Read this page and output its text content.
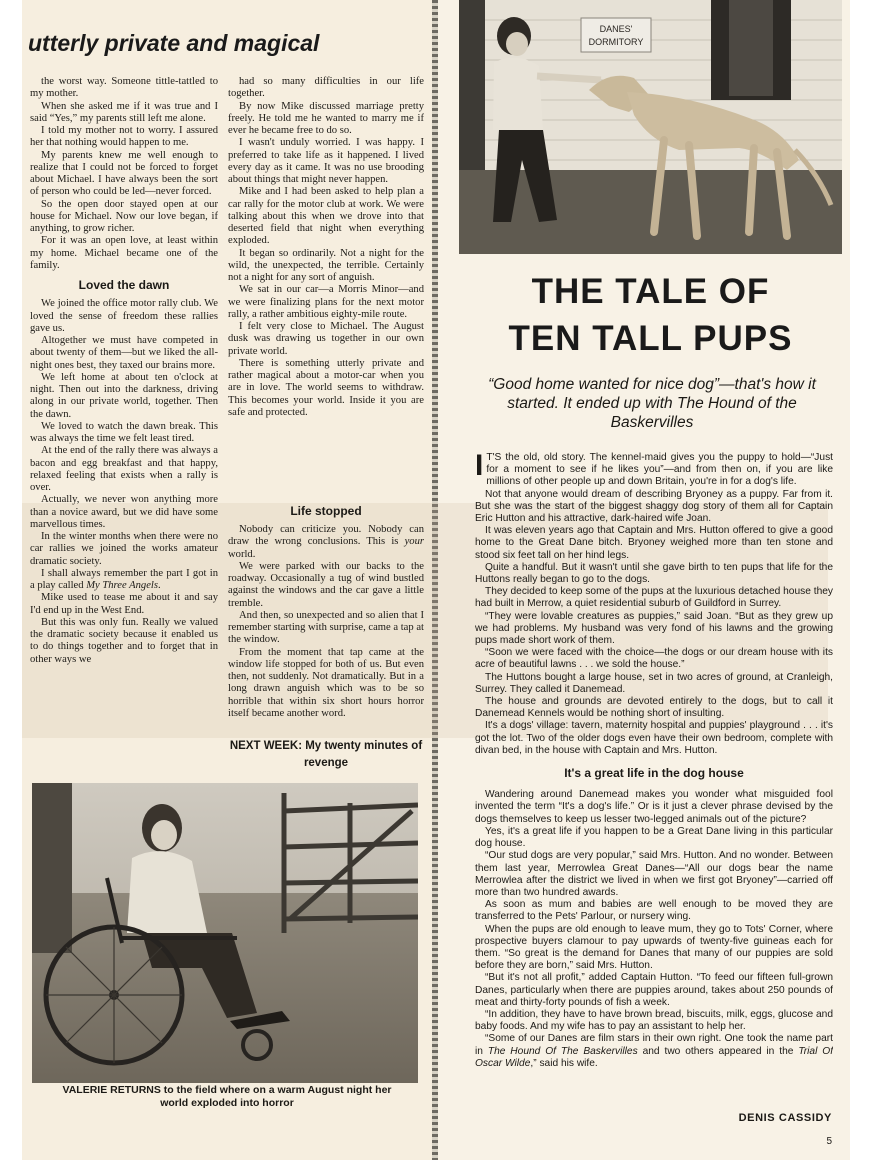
utterly private and magical

the worst way. Someone tittle-tattled to my mother.

When she asked me if it was true and I said “Yes,” my parents still left me alone.

I told my mother not to worry. I assured her that nothing would happen to me.

My parents knew me well enough to realize that I could not be forced to forget about Michael. I have always been the sort of person who could be led—never forced.

So the open door stayed open at our house for Michael. Now our love began, if anything, to grow richer.

For it was an open love, at least within my home. Michael became one of the family.

Loved the dawn

We joined the office motor rally club. We loved the sense of freedom these rallies gave us.

Altogether we must have competed in about twenty of them—but we liked the all-night ones best, they taxed our brains more.

We left home at about ten o'clock at night. Then out into the darkness, driving along in our private world, together. Then the dawn.

We loved to watch the dawn break. This was always the time we felt least tired.

At the end of the rally there was always a bacon and egg breakfast and that happy, relaxed feeling that exists when a rally is over.

Actually, we never won anything more than a novice award, but we did have some marvellous times.

In the winter months when there were no car rallies we joined the works amateur dramatic society.

I shall always remember the part I got in a play called My Three Angels.

Mike used to tease me about it and say I'd end up in the West End.

But this was only fun. Really we valued the dramatic society because it enabled us to do things together and to forget that in other ways we

had so many difficulties in our life together.

By now Mike discussed marriage pretty freely. He told me he wanted to marry me if ever he became free to do so.

I wasn't unduly worried. I was happy. I preferred to take life as it happened. I lived every day as it came. It was no use brooding about things that might never happen.

Mike and I had been asked to help plan a car rally for the motor club at work. We were talking about this when we drove into that deserted field that night when everything exploded.

It began so ordinarily. Not a night for the wild, the unexpected, the terrible. Certainly not a night for any sort of anguish.

We sat in our car—a Morris Minor—and we were finalizing plans for the next motor rally, a rather ambitious eighty-mile route.

I felt very close to Michael. The August dusk was drawing us together in our own private world.

There is something utterly private and rather magical about a motor-car when you are in love. The world seems to withdraw. This becomes your world. Inside it you are safe and protected.

Life stopped

Nobody can criticize you. Nobody can draw the wrong conclusions. This is your world.

We were parked with our backs to the roadway. Occasionally a tug of wind bustled against the windows and the car gave a little tremble.

And then, so unexpected and so alien that I remember starting with surprise, came a tap at the window.

From the moment that tap came at the window life stopped for both of us. But even then, not suddenly. Not dramatically. But in a long drawn anguish which was to be so horrible that within six short hours horror itself became another word.

NEXT WEEK: My twenty minutes of revenge
VALERIE RETURNS to the field where on a warm August night her world exploded into horror
DANES'
DORMITORY
THE TALE OF
TEN TALL PUPS
“Good home wanted for nice dog”—that's how it started. It ended up with The Hound of the Baskervilles

I T'S the old, old story. The kennel-maid gives you the puppy to hold—“Just for a moment to see if he likes you”—and from then on, if you are like millions of other people up and down Britain, you're in for a dog's life.

Not that anyone would dream of describing Bryoney as a puppy. Far from it. But she was the start of the biggest shaggy dog story of them all for Captain Eric Hutton and his attractive, dark-haired wife Joan.

It was eleven years ago that Captain and Mrs. Hutton offered to give a good home to the Great Dane bitch. Bryoney weighed more than ten stone and stood six feet tall on her hind legs.

Quite a handful. But it wasn't until she gave birth to ten pups that life for the Huttons really began to go to the dogs.

They decided to keep some of the pups at the luxurious detached house they had built in Merrow, a quiet residential suburb of Guildford in Surrey.

“They were lovable creatures as puppies,” said Joan. “But as they grew up we had problems. My husband was very fond of his lawns and the growing pups made short work of them.

“Soon we were faced with the choice—the dogs or our dream house with its acre of beautiful lawns . . . we sold the house.”

The Huttons bought a large house, set in two acres of ground, at Cranleigh, Surrey. They called it Danemead.

The house and grounds are devoted entirely to the dogs, but to call it Danemead Kennels would be nothing short of insulting.

It's a dogs' village: tavern, maternity hospital and puppies' playground . . . it's got the lot. Two of the older dogs even have their own bedroom, complete with divan bed, in the house with Captain and Mrs. Hutton.

It's a great life in the dog house

Wandering around Danemead makes you wonder what misguided fool invented the term “It's a dog's life.” Or is it just a clever phrase devised by the dogs themselves to keep us lesser two-legged animals out of the picture?

Yes, it's a great life if you happen to be a Great Dane living in this particular dog house.

“Our stud dogs are very popular,” said Mrs. Hutton. And no wonder. Between them last year, Merrowlea Great Danes—“All our dogs bear the name Merrowlea after the district we lived in when we first got Bryoney”—carried off more than two hundred awards.

As soon as mum and babies are well enough to be moved they are transferred to the Pets' Parlour, or nursery wing.

When the pups are old enough to leave mum, they go to Tots' Corner, where prospective buyers clamour to pay upwards of twenty-five guineas each for them. “So great is the demand for Danes that many of our puppies are sold before they are born,” said Mrs. Hutton.

“But it's not all profit,” added Captain Hutton. “To feed our fifteen full-grown Danes, particularly when there are puppies around, takes about 250 pounds of meat and thirty-forty pounds of fish a week.

“In addition, they have to have brown bread, biscuits, milk, eggs, glucose and baby foods. And my wife has to pay an assistant to help her.

“Some of our Danes are film stars in their own right. One took the name part in The Hound Of The Baskervilles and two others appeared in the Trial Of Oscar Wilde,” said his wife.

DENIS CASSIDY
5
